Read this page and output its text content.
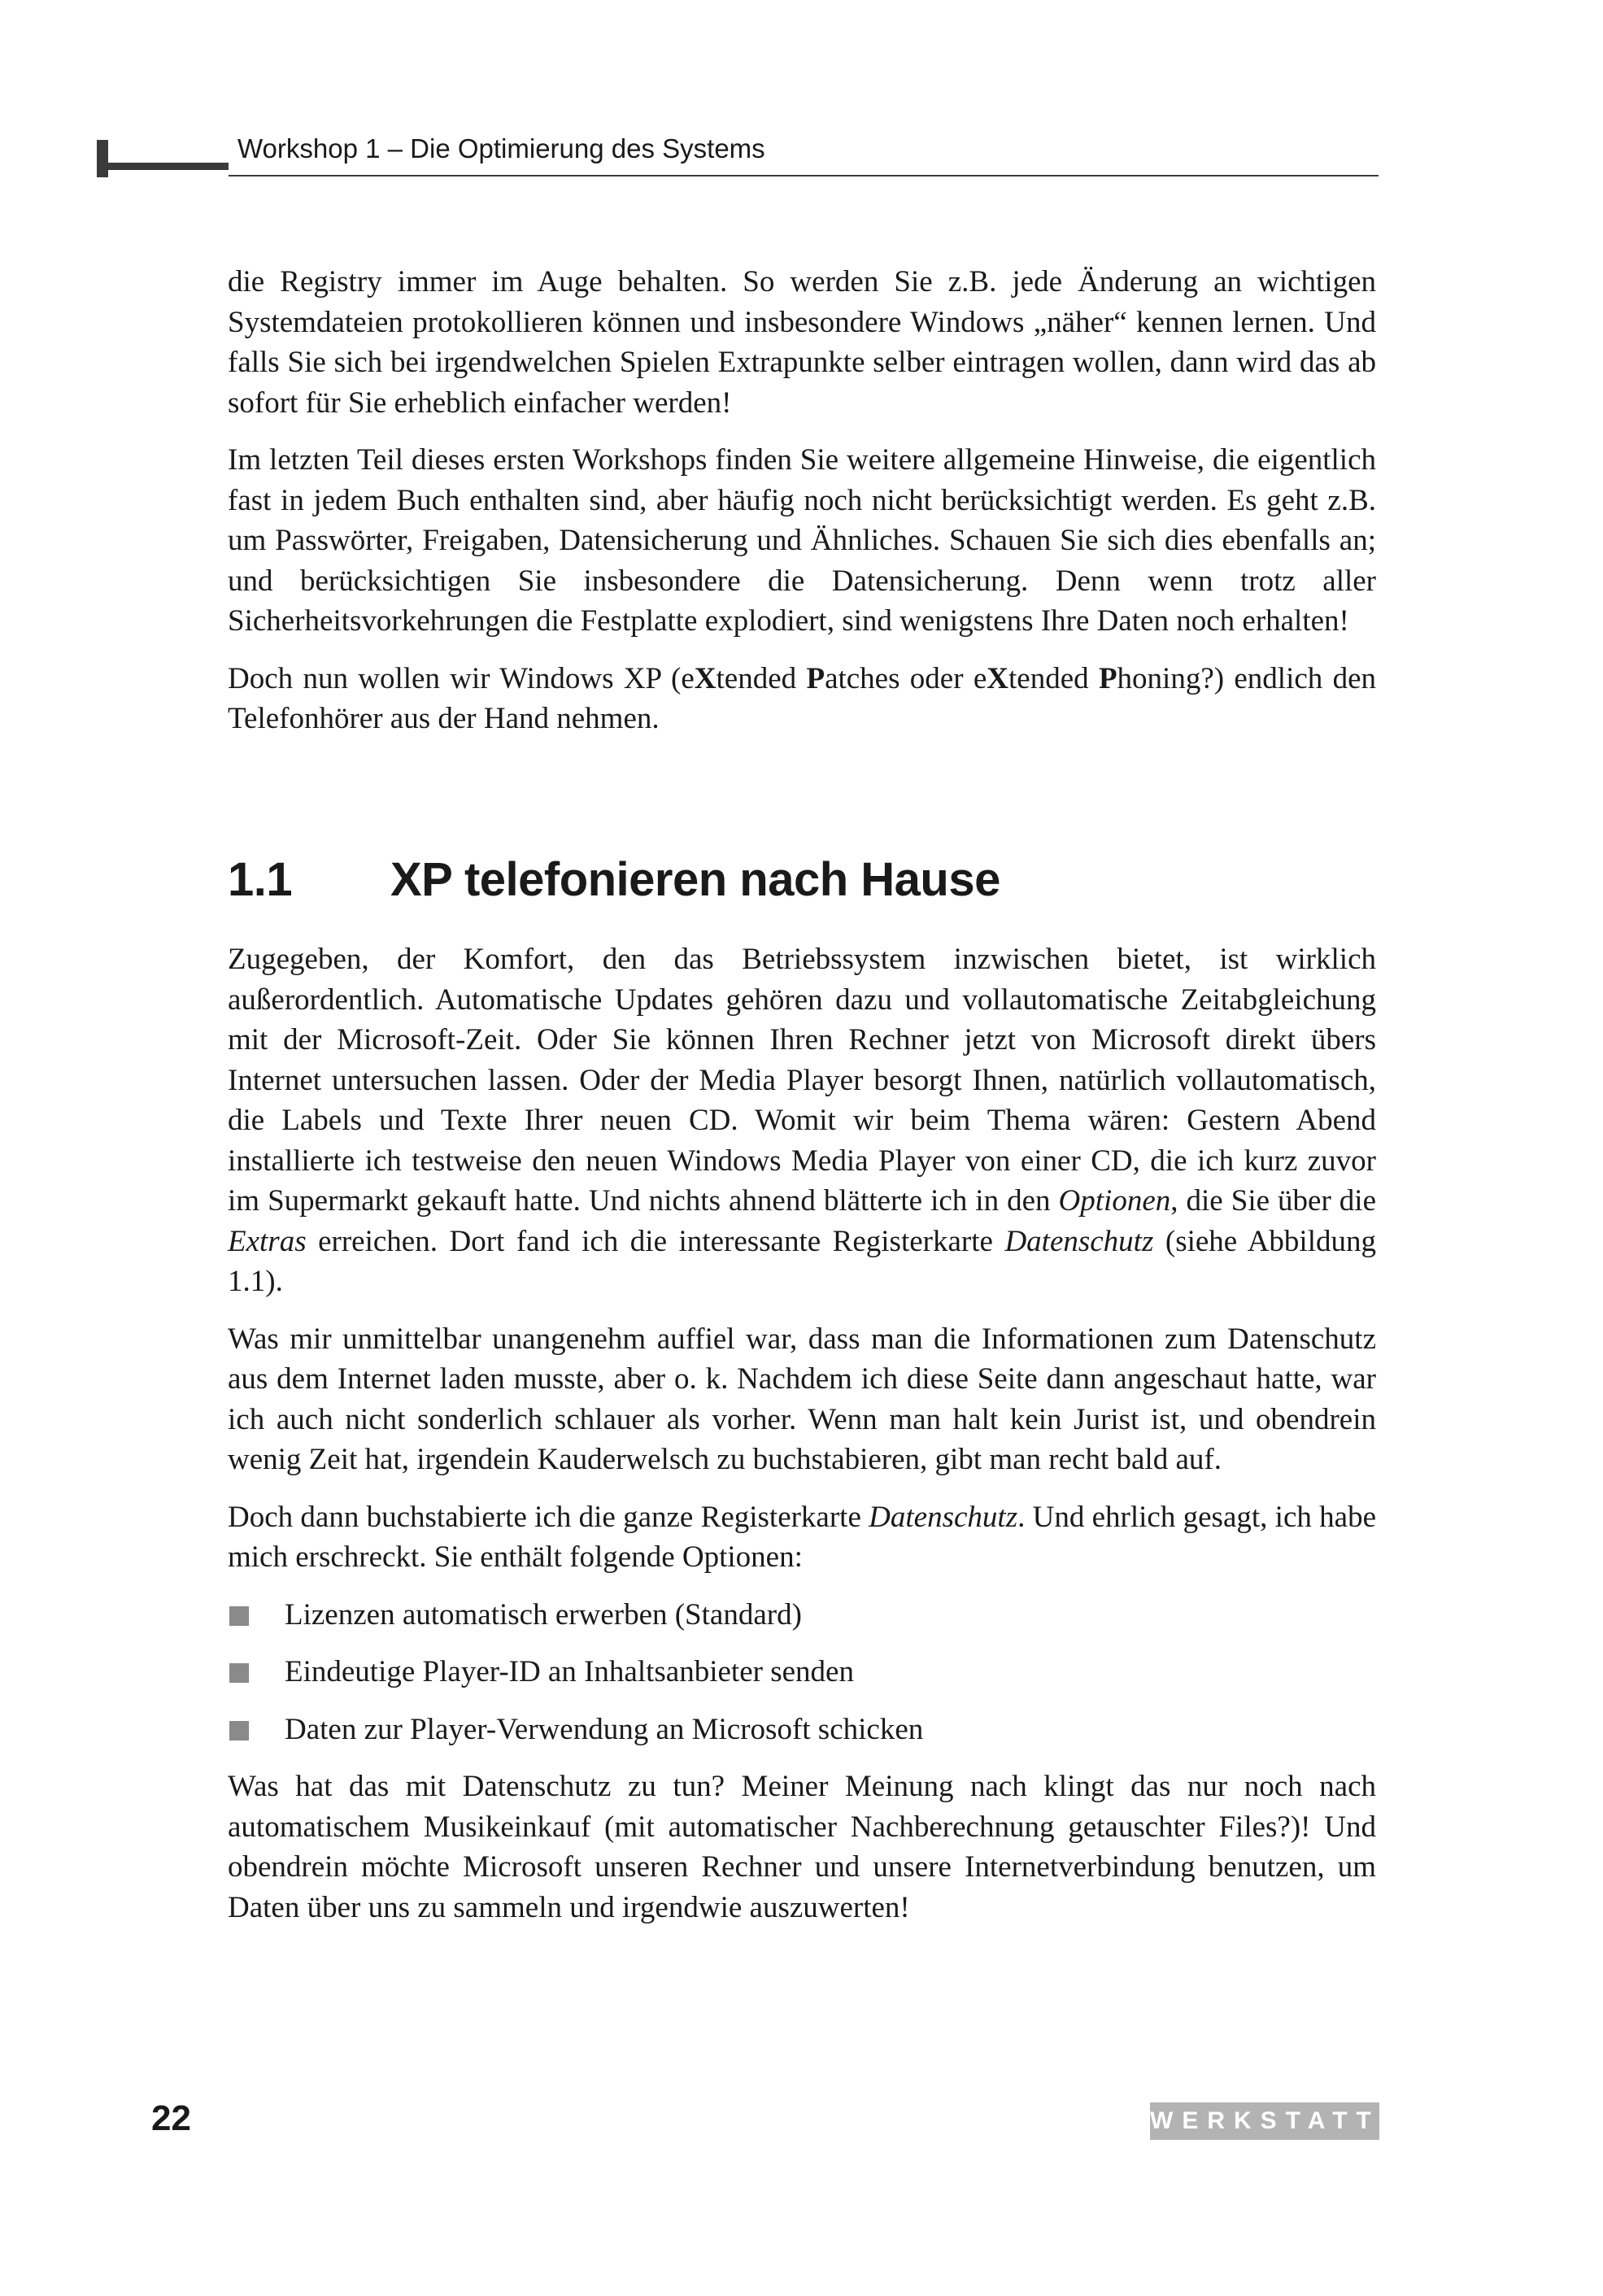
Workshop 1 – Die Optimierung des Systems

die Registry immer im Auge behalten. So werden Sie z.B. jede Änderung an wichtigen Systemdateien protokollieren können und insbesondere Windows „näher“ kennen lernen. Und falls Sie sich bei irgendwelchen Spielen Extrapunkte selber eintragen wollen, dann wird das ab sofort für Sie erheblich einfacher werden!

Im letzten Teil dieses ersten Workshops finden Sie weitere allgemeine Hinweise, die eigentlich fast in jedem Buch enthalten sind, aber häufig noch nicht berücksichtigt werden. Es geht z.B. um Passwörter, Freigaben, Datensicherung und Ähnliches. Schauen Sie sich dies ebenfalls an; und berücksichtigen Sie insbesondere die Datensicherung. Denn wenn trotz aller Sicherheitsvorkehrungen die Festplatte explodiert, sind wenigstens Ihre Daten noch erhalten!

Doch nun wollen wir Windows XP (eXtended Patches oder eXtended Phoning?) endlich den Telefonhörer aus der Hand nehmen.

1.1 XP telefonieren nach Hause

Zugegeben, der Komfort, den das Betriebssystem inzwischen bietet, ist wirklich außerordentlich. Automatische Updates gehören dazu und vollautomatische Zeitabgleichung mit der Microsoft-Zeit. Oder Sie können Ihren Rechner jetzt von Microsoft direkt übers Internet untersuchen lassen. Oder der Media Player besorgt Ihnen, natürlich vollautomatisch, die Labels und Texte Ihrer neuen CD. Womit wir beim Thema wären: Gestern Abend installierte ich testweise den neuen Windows Media Player von einer CD, die ich kurz zuvor im Supermarkt gekauft hatte. Und nichts ahnend blätterte ich in den Optionen, die Sie über die Extras erreichen. Dort fand ich die interessante Registerkarte Datenschutz (siehe Abbildung 1.1).

Was mir unmittelbar unangenehm auffiel war, dass man die Informationen zum Datenschutz aus dem Internet laden musste, aber o. k. Nachdem ich diese Seite dann angeschaut hatte, war ich auch nicht sonderlich schlauer als vorher. Wenn man halt kein Jurist ist, und obendrein wenig Zeit hat, irgendein Kauderwelsch zu buchstabieren, gibt man recht bald auf.

Doch dann buchstabierte ich die ganze Registerkarte Datenschutz. Und ehrlich gesagt, ich habe mich erschreckt. Sie enthält folgende Optionen:

Lizenzen automatisch erwerben (Standard)
Eindeutige Player-ID an Inhaltsanbieter senden
Daten zur Player-Verwendung an Microsoft schicken

Was hat das mit Datenschutz zu tun? Meiner Meinung nach klingt das nur noch nach automatischem Musikeinkauf (mit automatischer Nachberechnung getauschter Files?)! Und obendrein möchte Microsoft unseren Rechner und unsere Internetverbindung benutzen, um Daten über uns zu sammeln und irgendwie auszuwerten!

22	WERKSTATT
